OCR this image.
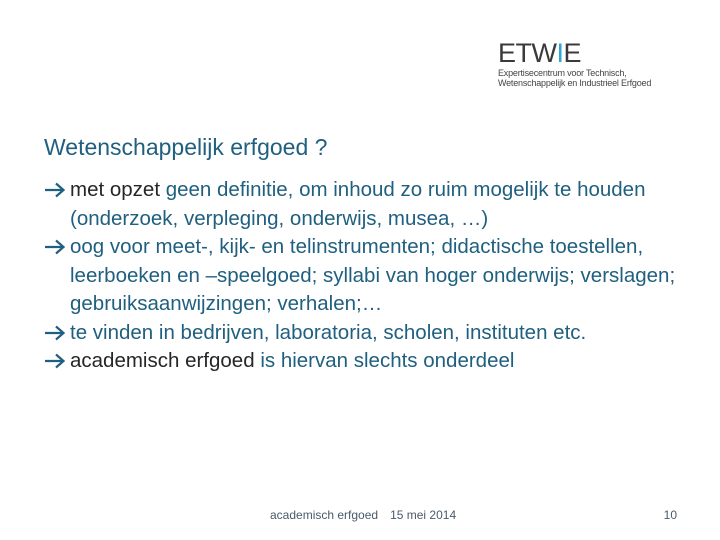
ETWIE
Expertisecentrum voor Technisch,
Wetenschappelijk en Industrieel Erfgoed
Wetenschappelijk erfgoed ?
met opzet geen definitie, om inhoud zo ruim mogelijk te houden (onderzoek, verpleging, onderwijs, musea, …)
oog voor meet-, kijk- en telinstrumenten; didactische toestellen, leerboeken en –speelgoed; syllabi van hoger onderwijs; verslagen; gebruiksaanwijzingen; verhalen;…
te vinden in bedrijven, laboratoria, scholen, instituten etc.
academisch erfgoed is hiervan slechts onderdeel
academisch erfgoed 15 mei 2014	10
